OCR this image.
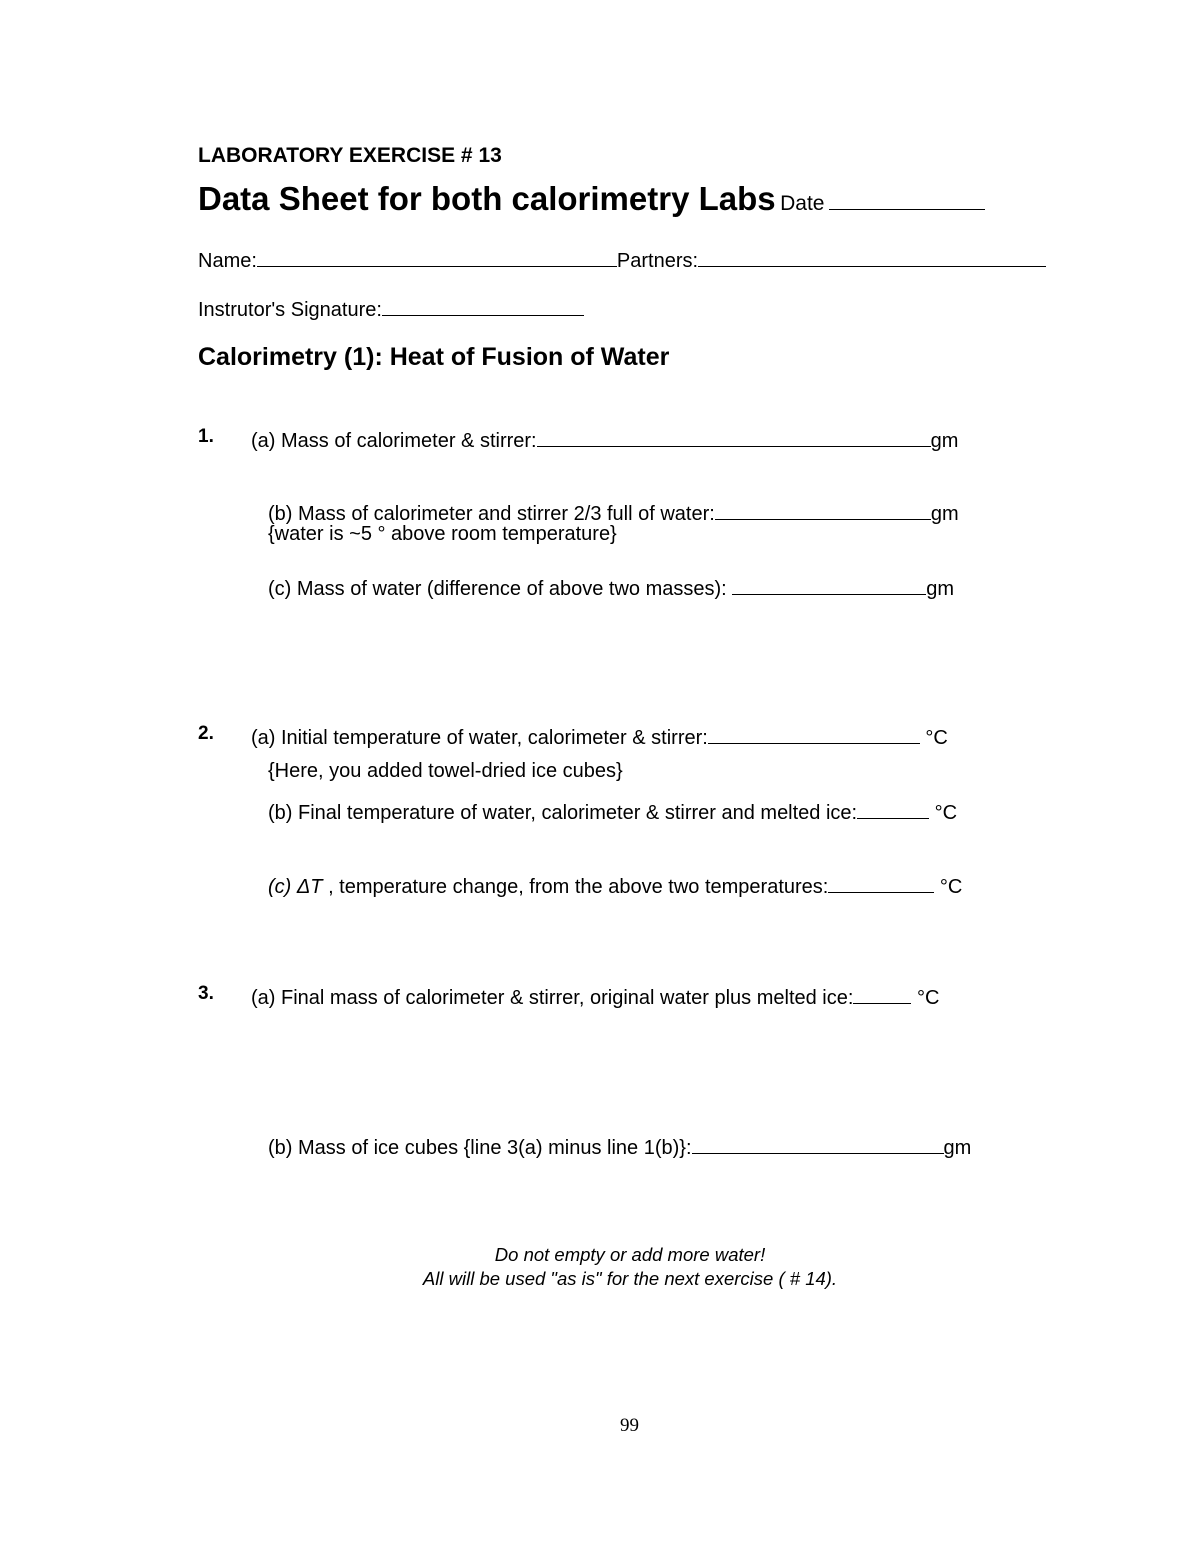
LABORATORY EXERCISE # 13
Data Sheet for both calorimetry Labs Date
Name:	Partners:
Instrutor's Signature:
Calorimetry (1): Heat of Fusion of Water
1. (a) Mass of calorimeter & stirrer:	gm
(b) Mass of calorimeter and stirrer 2/3 full of water:	gm
{water is ~5 ° above room temperature}
(c) Mass of water (difference of above two masses):	gm
2. (a) Initial temperature of water, calorimeter & stirrer:	°C
{Here, you added towel-dried ice cubes}
(b) Final temperature of water, calorimeter & stirrer and melted ice:	°C
(c) ΔT , temperature change, from the above two temperatures:	°C
3. (a) Final mass of calorimeter & stirrer, original water plus melted ice:	°C
(b) Mass of ice cubes {line 3(a) minus line 1(b)}:	gm
Do not empty or add more water!
All will be used "as is" for the next exercise ( # 14).
99
